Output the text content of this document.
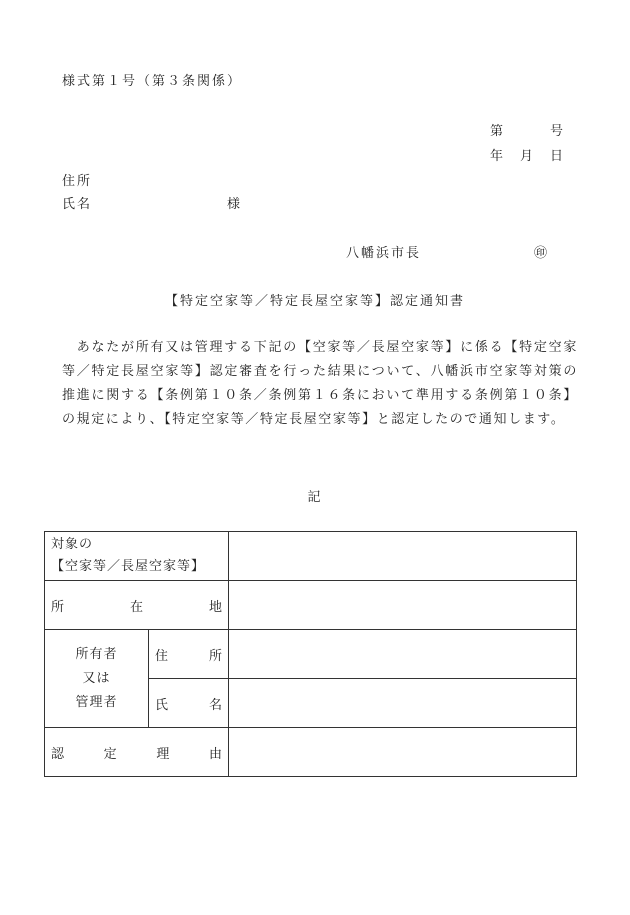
様式第１号（第３条関係）
第　　　号
年　月　日
住所
氏名　　　　　　　　　様
八幡浜市長	㊞
【特定空家等／特定長屋空家等】認定通知書
　あなたが所有又は管理する下記の【空家等／長屋空家等】に係る【特定空家等／特定長屋空家等】認定審査を行った結果について、八幡浜市空家等対策の推進に関する【条例第１０条／条例第１６条において準用する条例第１０条】の規定により、【特定空家等／特定長屋空家等】と認定したので通知します。
記
対象の
【空家等／長屋空家等】		

所 在 地		

所有者
又は
管理者	住 所	

	氏 名	

認 定 理 由		
